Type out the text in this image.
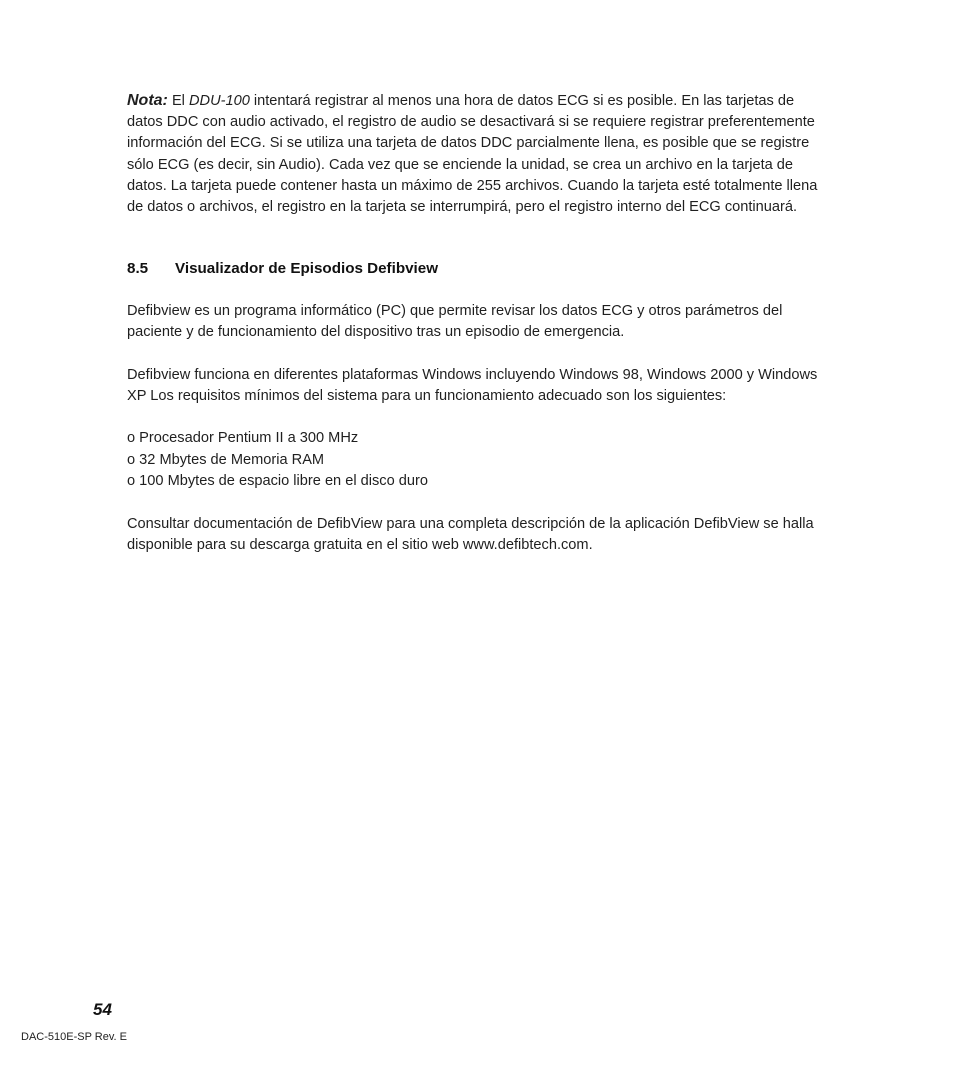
Nota: El DDU-100 intentará registrar al menos una hora de datos ECG si es posible. En las tarjetas de datos DDC con audio activado, el registro de audio se desactivará si se requiere registrar preferentemente información del ECG. Si se utiliza una tarjeta de datos DDC parcialmente llena, es posible que se registre sólo ECG (es decir, sin Audio). Cada vez que se enciende la unidad, se crea un archivo en la tarjeta de datos. La tarjeta puede contener hasta un máximo de 255 archivos. Cuando la tarjeta esté totalmente llena de datos o archivos, el registro en la tarjeta se interrumpirá, pero el registro interno del ECG continuará.

8.5 Visualizador de Episodios Defibview

Defibview es un programa informático (PC) que permite revisar los datos ECG y otros parámetros del paciente y de funcionamiento del dispositivo tras un episodio de emergencia.

Defibview funciona en diferentes plataformas Windows incluyendo Windows 98, Windows 2000 y Windows XP Los requisitos mínimos del sistema para un funcionamiento adecuado son los siguientes:

o Procesador Pentium II a 300 MHz
o 32 Mbytes de Memoria RAM
o 100 Mbytes de espacio libre en el disco duro

Consultar documentación de DefibView para una completa descripción de la aplicación DefibView se halla disponible para su descarga gratuita en el sitio web www.defibtech.com.

54
DAC-510E-SP Rev. E
